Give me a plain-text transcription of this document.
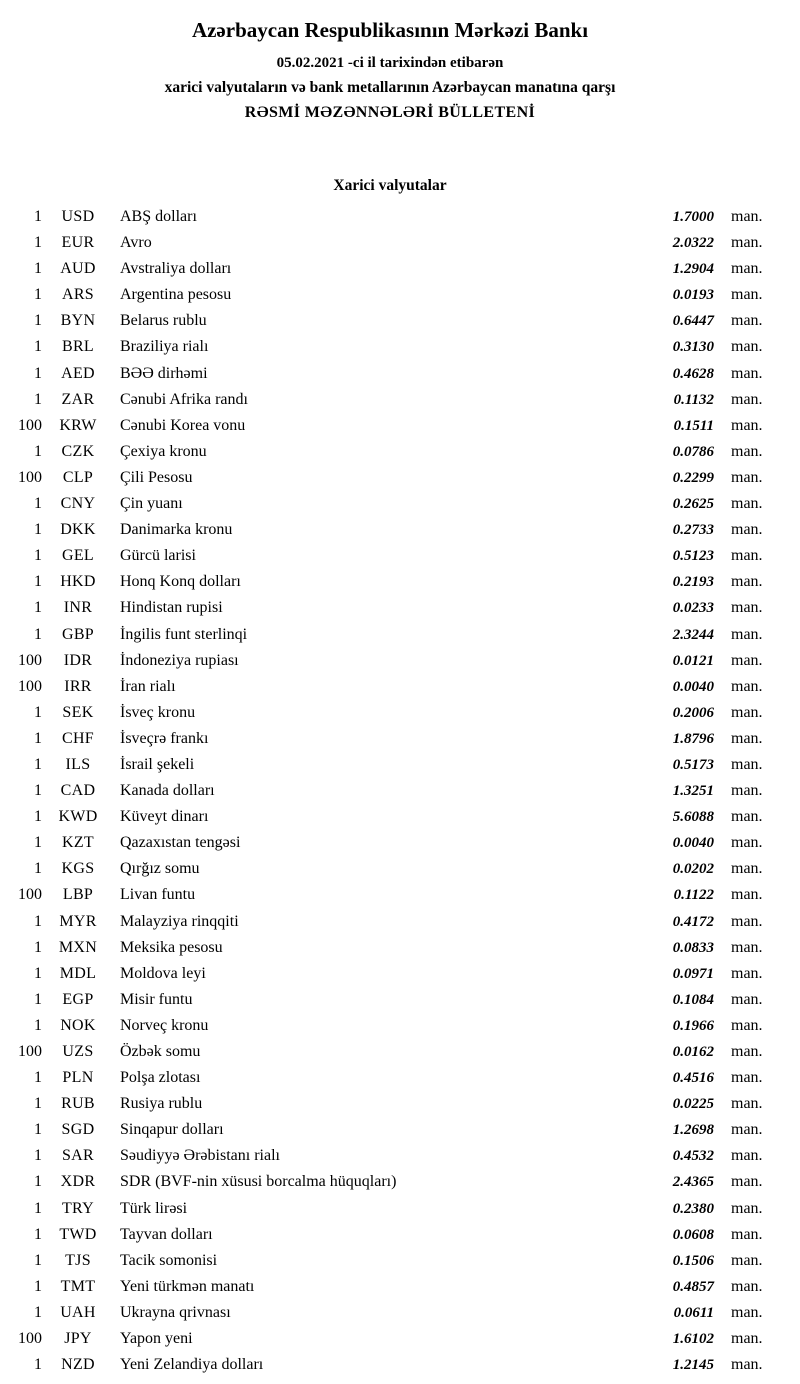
Azərbaycan Respublikasının Mərkəzi Bankı
05.02.2021 -ci il tarixindən etibarən
xarici valyutaların və bank metallarının Azərbaycan manatına qarşı
RƏSMİ MƏZƏNNƏLƏRİ BÜLLETENİ
Xarici valyutalar
1	USD	ABŞ dolları	1.7000	man.
1	EUR	Avro	2.0322	man.
1	AUD	Avstraliya dolları	1.2904	man.
1	ARS	Argentina pesosu	0.0193	man.
1	BYN	Belarus rublu	0.6447	man.
1	BRL	Braziliya rialı	0.3130	man.
1	AED	BƏƏ dirhəmi	0.4628	man.
1	ZAR	Cənubi Afrika randı	0.1132	man.
100	KRW	Cənubi Korea vonu	0.1511	man.
1	CZK	Çexiya kronu	0.0786	man.
100	CLP	Çili Pesosu	0.2299	man.
1	CNY	Çin yuanı	0.2625	man.
1	DKK	Danimarka kronu	0.2733	man.
1	GEL	Gürcü larisi	0.5123	man.
1	HKD	Honq Konq dolları	0.2193	man.
1	INR	Hindistan rupisi	0.0233	man.
1	GBP	İngilis funt sterlinqi	2.3244	man.
100	IDR	İndoneziya rupiası	0.0121	man.
100	IRR	İran rialı	0.0040	man.
1	SEK	İsveç kronu	0.2006	man.
1	CHF	İsveçrə frankı	1.8796	man.
1	ILS	İsrail şekeli	0.5173	man.
1	CAD	Kanada dolları	1.3251	man.
1	KWD	Küveyt dinarı	5.6088	man.
1	KZT	Qazaxıstan tengəsi	0.0040	man.
1	KGS	Qırğız somu	0.0202	man.
100	LBP	Livan funtu	0.1122	man.
1	MYR	Malayziya rinqqiti	0.4172	man.
1	MXN	Meksika pesosu	0.0833	man.
1	MDL	Moldova leyi	0.0971	man.
1	EGP	Misir funtu	0.1084	man.
1	NOK	Norveç kronu	0.1966	man.
100	UZS	Özbək somu	0.0162	man.
1	PLN	Polşa zlotası	0.4516	man.
1	RUB	Rusiya rublu	0.0225	man.
1	SGD	Sinqapur dolları	1.2698	man.
1	SAR	Səudiyyə Ərəbistanı rialı	0.4532	man.
1	XDR	SDR (BVF-nin xüsusi borcalma hüquqları)	2.4365	man.
1	TRY	Türk lirəsi	0.2380	man.
1	TWD	Tayvan dolları	0.0608	man.
1	TJS	Tacik somonisi	0.1506	man.
1	TMT	Yeni türkmən manatı	0.4857	man.
1	UAH	Ukrayna qrivnası	0.0611	man.
100	JPY	Yapon yeni	1.6102	man.
1	NZD	Yeni Zelandiya dolları	1.2145	man.
